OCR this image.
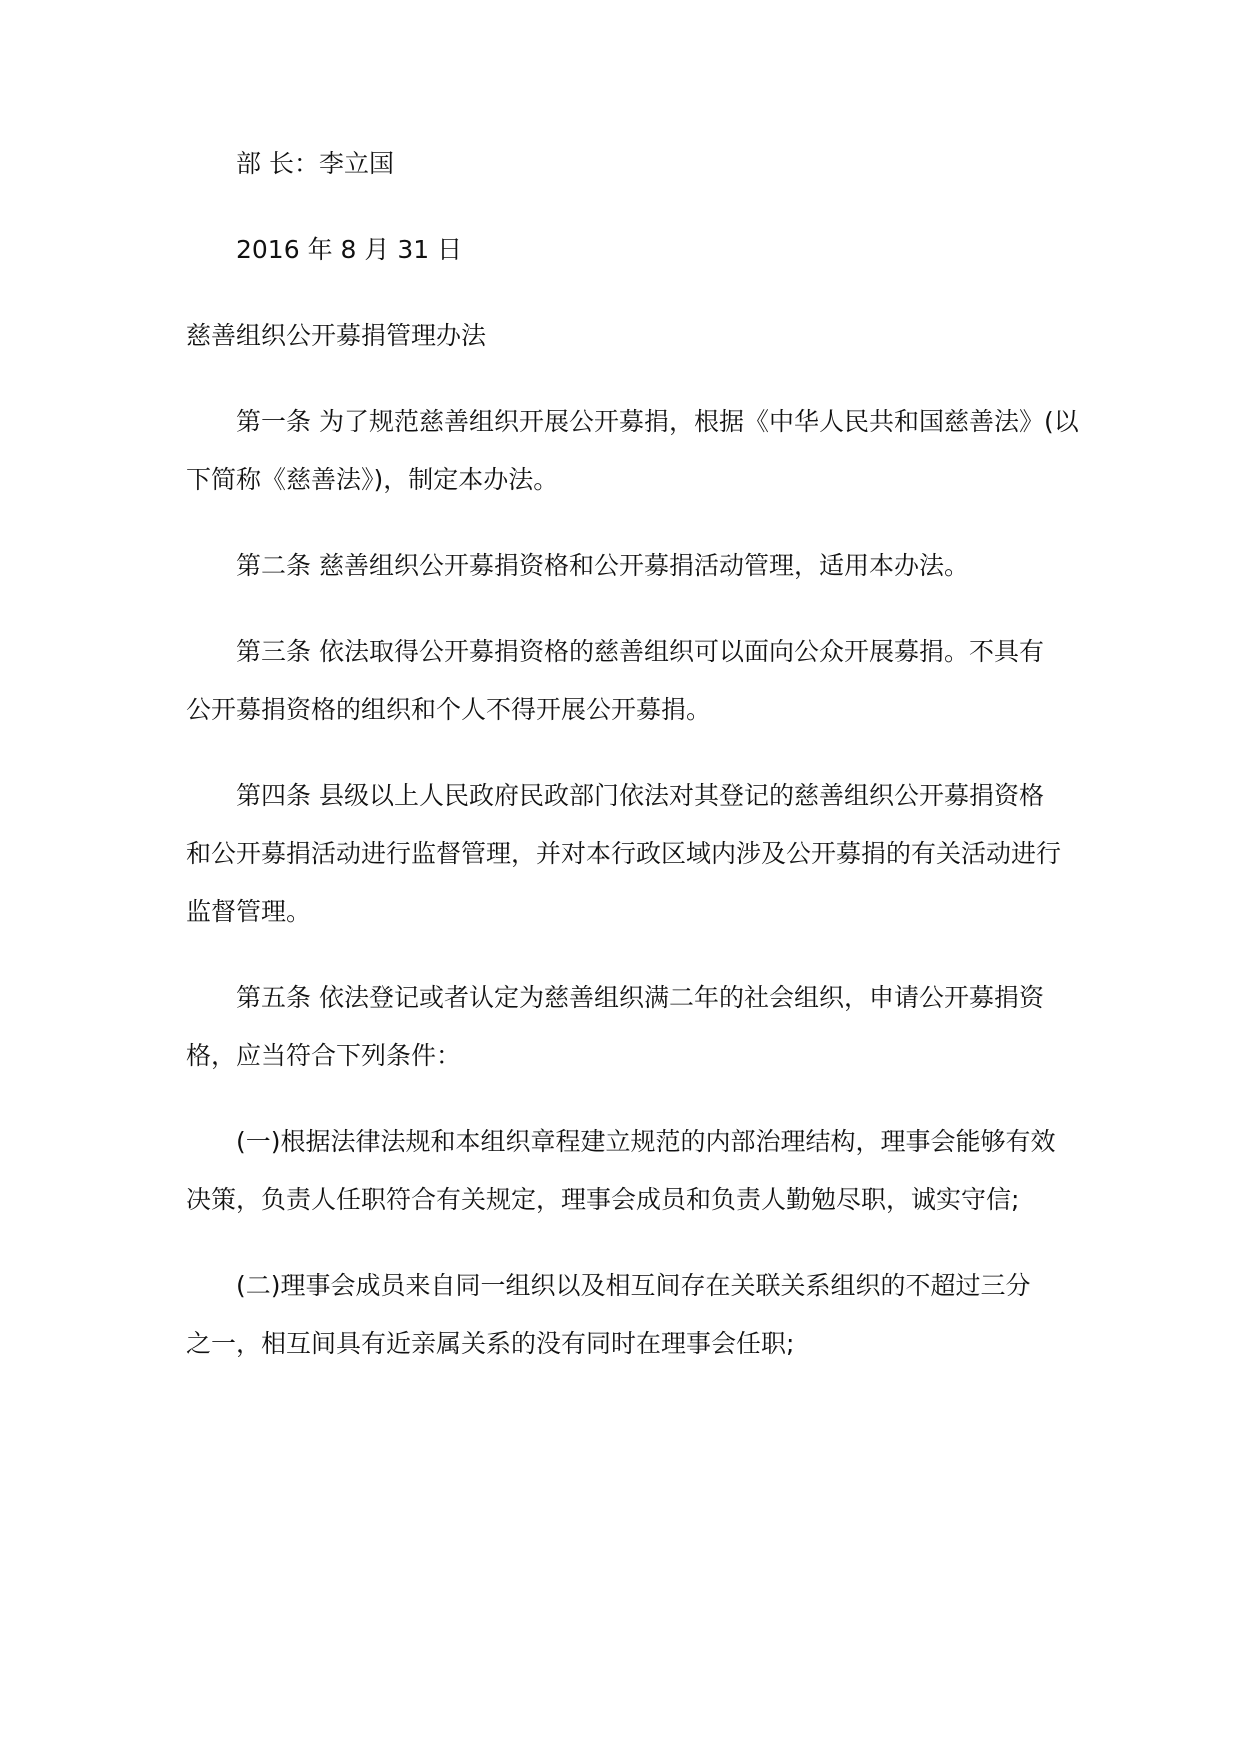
部 长：李立国
2016 年 8 月 31 日
慈善组织公开募捐管理办法
第一条 为了规范慈善组织开展公开募捐，根据《中华人民共和国慈善法》(以
下简称《慈善法》)，制定本办法。
第二条 慈善组织公开募捐资格和公开募捐活动管理，适用本办法。
第三条 依法取得公开募捐资格的慈善组织可以面向公众开展募捐。不具有
公开募捐资格的组织和个人不得开展公开募捐。
第四条 县级以上人民政府民政部门依法对其登记的慈善组织公开募捐资格
和公开募捐活动进行监督管理，并对本行政区域内涉及公开募捐的有关活动进行
监督管理。
第五条 依法登记或者认定为慈善组织满二年的社会组织，申请公开募捐资
格，应当符合下列条件：
(一)根据法律法规和本组织章程建立规范的内部治理结构，理事会能够有效
决策，负责人任职符合有关规定，理事会成员和负责人勤勉尽职，诚实守信;
(二)理事会成员来自同一组织以及相互间存在关联关系组织的不超过三分
之一，相互间具有近亲属关系的没有同时在理事会任职;
